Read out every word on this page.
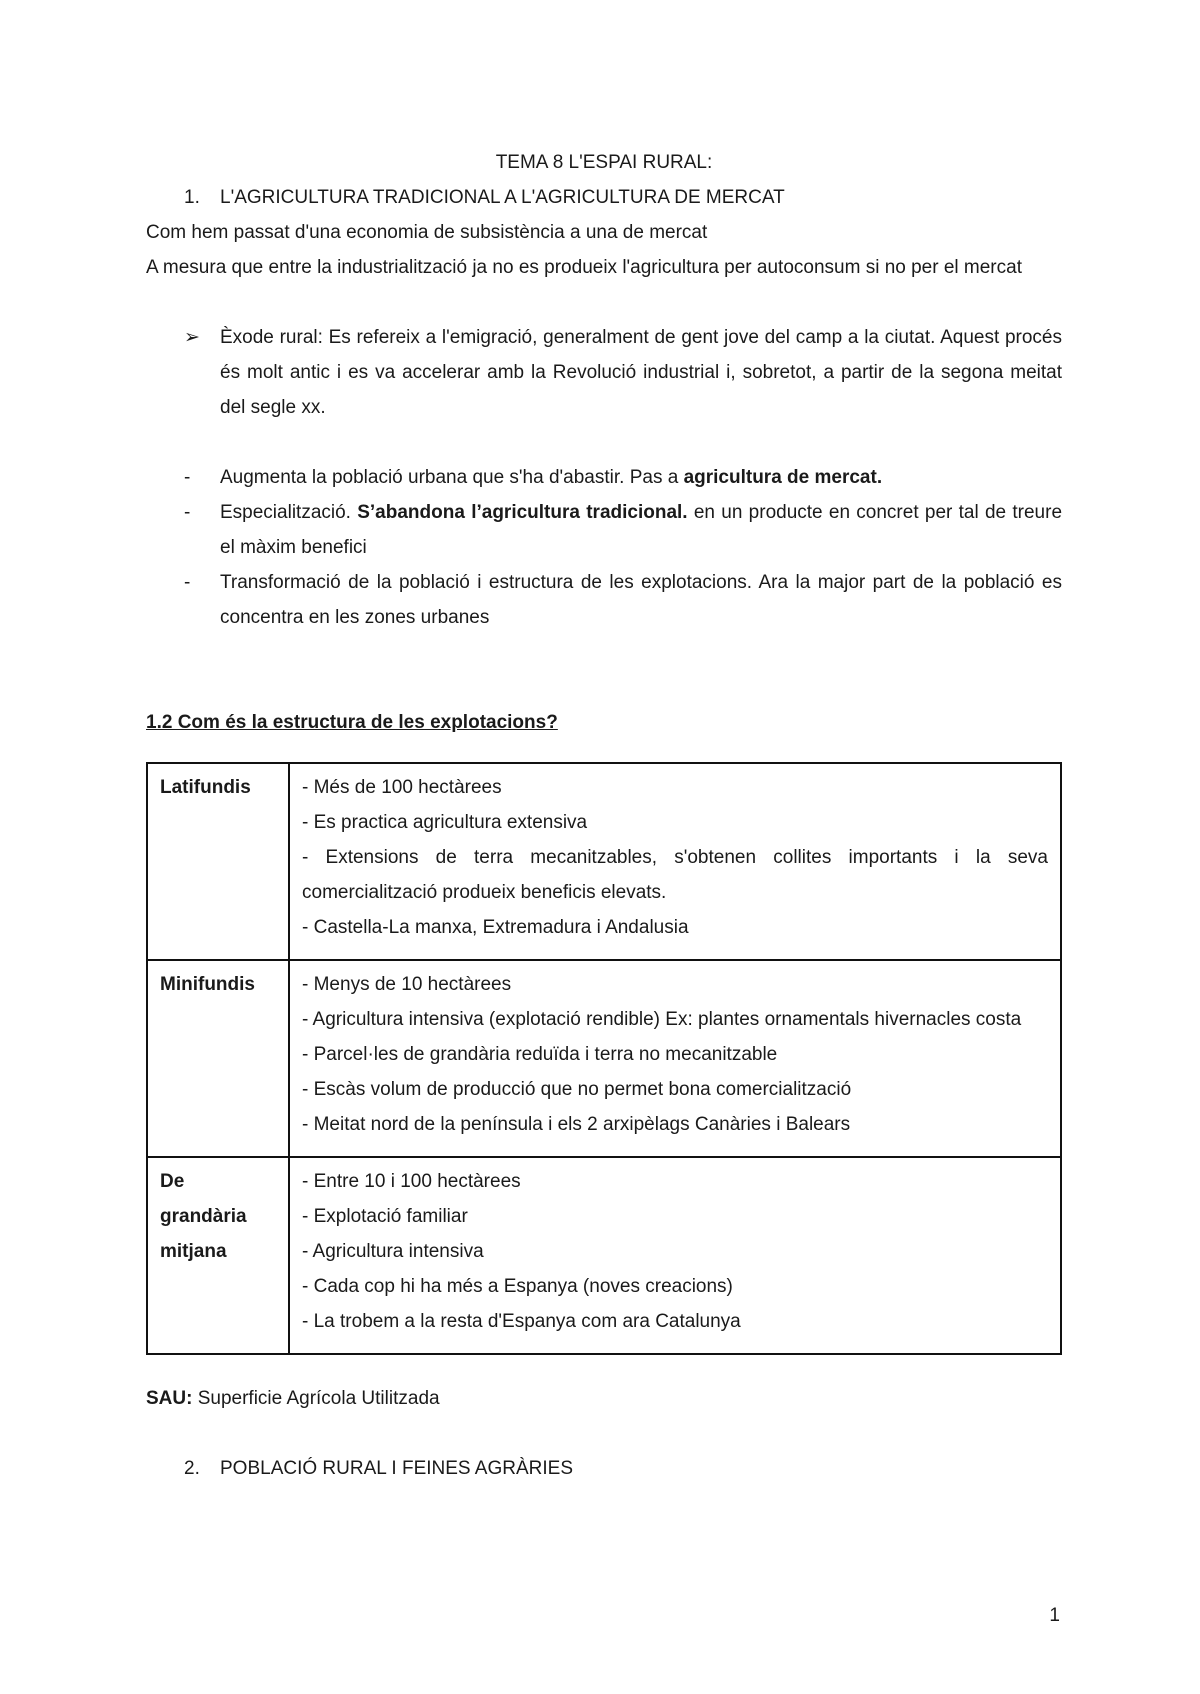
TEMA 8 L'ESPAI RURAL:
1. L'AGRICULTURA TRADICIONAL A L'AGRICULTURA DE MERCAT
Com hem passat d'una economia de subsistència a una de mercat
A mesura que entre la industrialització ja no es produeix l'agricultura per autoconsum si no per el mercat
➢ Èxode rural: Es refereix a l'emigració, generalment de gent jove del camp a la ciutat. Aquest procés és molt antic i es va accelerar amb la Revolució industrial i, sobretot, a partir de la segona meitat del segle xx.
- Augmenta la població urbana que s'ha d'abastir. Pas a agricultura de mercat.
- Especialització. S’abandona l’agricultura tradicional. en un producte en concret per tal de treure el màxim benefici
- Transformació de la població i estructura de les explotacions. Ara la major part de la població es concentra en les zones urbanes
1.2 Com és la estructura de les explotacions?
Latifundis	- Més de 100 hectàrees
- Es practica agricultura extensiva
- Extensions de terra mecanitzables, s'obtenen collites importants i la seva comercialització produeix beneficis elevats.
- Castella-La manxa, Extremadura i Andalusia

Minifundis	- Menys de 10 hectàrees
- Agricultura intensiva (explotació rendible) Ex: plantes ornamentals hivernacles costa
- Parcel·les de grandària reduïda i terra no mecanitzable
- Escàs volum de producció que no permet bona comercialització
- Meitat nord de la península i els 2 arxipèlags Canàries i Balears

De grandària mitjana	- Entre 10 i 100 hectàrees
- Explotació familiar
- Agricultura intensiva
- Cada cop hi ha més a Espanya (noves creacions)
- La trobem a la resta d'Espanya com ara Catalunya
SAU: Superficie Agrícola Utilitzada
2. POBLACIÓ RURAL I FEINES AGRÀRIES
1
